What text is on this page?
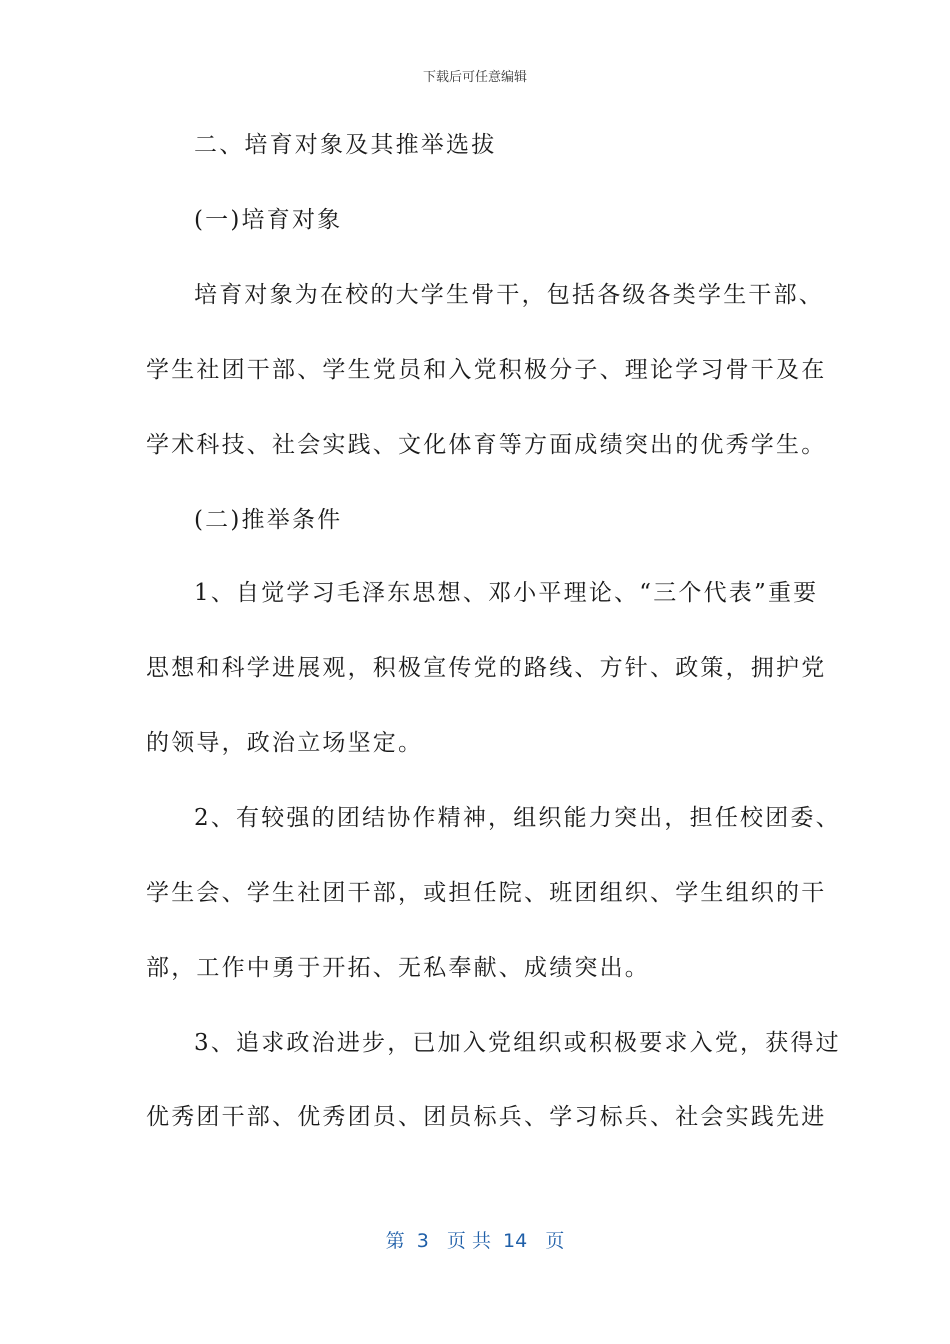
下载后可任意编辑
二、培育对象及其推举选拔
(一)培育对象
培育对象为在校的大学生骨干，包括各级各类学生干部、
学生社团干部、学生党员和入党积极分子、理论学习骨干及在
学术科技、社会实践、文化体育等方面成绩突出的优秀学生。
(二)推举条件
1、自觉学习毛泽东思想、邓小平理论、“三个代表”重要
思想和科学进展观，积极宣传党的路线、方针、政策，拥护党
的领导，政治立场坚定。
2、有较强的团结协作精神，组织能力突出，担任校团委、
学生会、学生社团干部，或担任院、班团组织、学生组织的干
部，工作中勇于开拓、无私奉献、成绩突出。
3、追求政治进步，已加入党组织或积极要求入党，获得过
优秀团干部、优秀团员、团员标兵、学习标兵、社会实践先进
第  3   页 共  14   页
